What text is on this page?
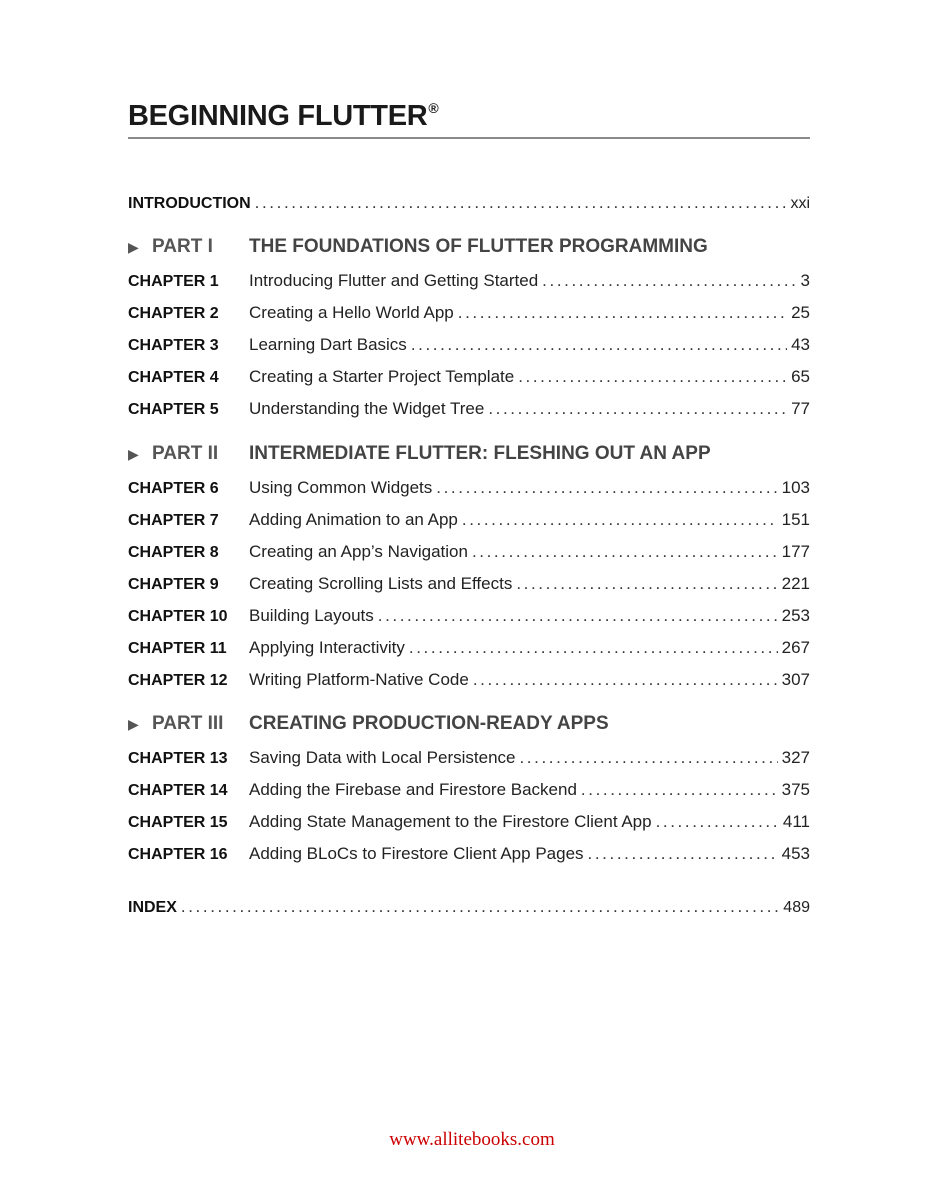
BEGINNING FLUTTER®
INTRODUCTION .....	xxi
▶ PART I	THE FOUNDATIONS OF FLUTTER PROGRAMMING
CHAPTER 1	Introducing Flutter and Getting Started .....	3
CHAPTER 2	Creating a Hello World App .....	25
CHAPTER 3	Learning Dart Basics .....	43
CHAPTER 4	Creating a Starter Project Template .....	65
CHAPTER 5	Understanding the Widget Tree .....	77
▶ PART II	INTERMEDIATE FLUTTER: FLESHING OUT AN APP
CHAPTER 6	Using Common Widgets .....	103
CHAPTER 7	Adding Animation to an App .....	151
CHAPTER 8	Creating an App’s Navigation .....	177
CHAPTER 9	Creating Scrolling Lists and Effects .....	221
CHAPTER 10	Building Layouts .....	253
CHAPTER 11	Applying Interactivity .....	267
CHAPTER 12	Writing Platform-Native Code .....	307
▶ PART III	CREATING PRODUCTION-READY APPS
CHAPTER 13	Saving Data with Local Persistence .....	327
CHAPTER 14	Adding the Firebase and Firestore Backend .....	375
CHAPTER 15	Adding State Management to the Firestore Client App .....	411
CHAPTER 16	Adding BLoCs to Firestore Client App Pages .....	453
INDEX .....	489
www.allitebooks.com
